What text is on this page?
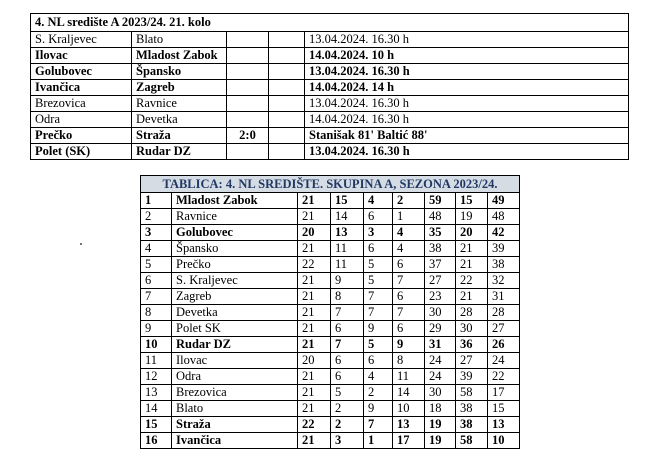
4. NL središte A 2023/24. 21. kolo				
S. Kraljevec	Blato			13.04.2024. 16.30 h
Ilovac	Mladost Zabok			14.04.2024. 10 h
Golubovec	Špansko			13.04.2024. 16.30 h
Ivančica	Zagreb			14.04.2024. 14 h
Brezovica	Ravnice			13.04.2024. 16.30 h
Odra	Devetka			14.04.2024. 16.30 h
Prečko	Straža	2:0		Stanišak 81' Baltić 88'
Polet (SK)	Rudar DZ			13.04.2024. 16.30 h
TABLICA: 4. NL SREDIŠTE. SKUPINA A, SEZONA 2023/24.								
1	Mladost Zabok	21	15	4	2	59	15	49
2	Ravnice	21	14	6	1	48	19	48
3	Golubovec	20	13	3	4	35	20	42
4	Špansko	21	11	6	4	38	21	39
5	Prečko	22	11	5	6	37	21	38
6	S. Kraljevec	21	9	5	7	27	22	32
7	Zagreb	21	8	7	6	23	21	31
8	Devetka	21	7	7	7	30	28	28
9	Polet SK	21	6	9	6	29	30	27
10	Rudar DZ	21	7	5	9	31	36	26
11	Ilovac	20	6	6	8	24	27	24
12	Odra	21	6	4	11	24	39	22
13	Brezovica	21	5	2	14	30	58	17
14	Blato	21	2	9	10	18	38	15
15	Straža	22	2	7	13	19	38	13
16	Ivančica	21	3	1	17	19	58	10
